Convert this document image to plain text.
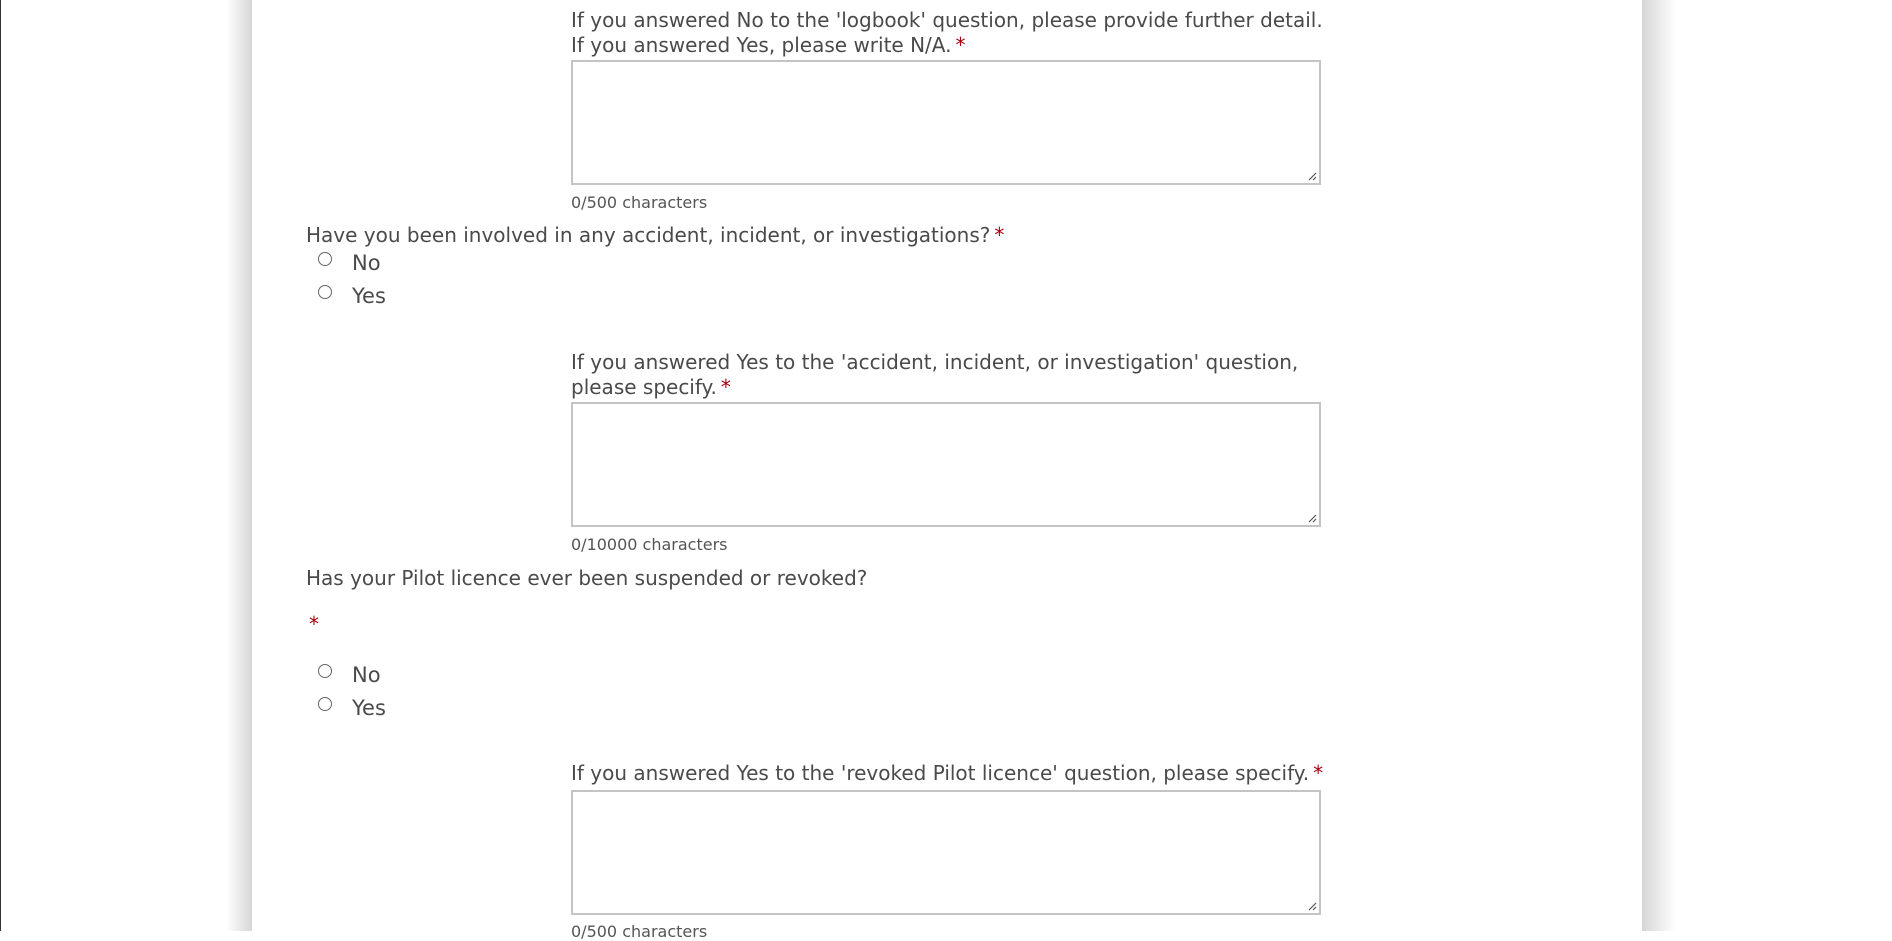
If you answered No to the 'logbook' question, please provide further detail. If you answered Yes, please write N/A. *
0/500 characters
Have you been involved in any accident, incident, or investigations? *
No
Yes
If you answered Yes to the 'accident, incident, or investigation' question, please specify. *
0/10000 characters
Has your Pilot licence ever been suspended or revoked?
*
No
Yes
If you answered Yes to the 'revoked Pilot licence' question, please specify. *
0/500 characters
